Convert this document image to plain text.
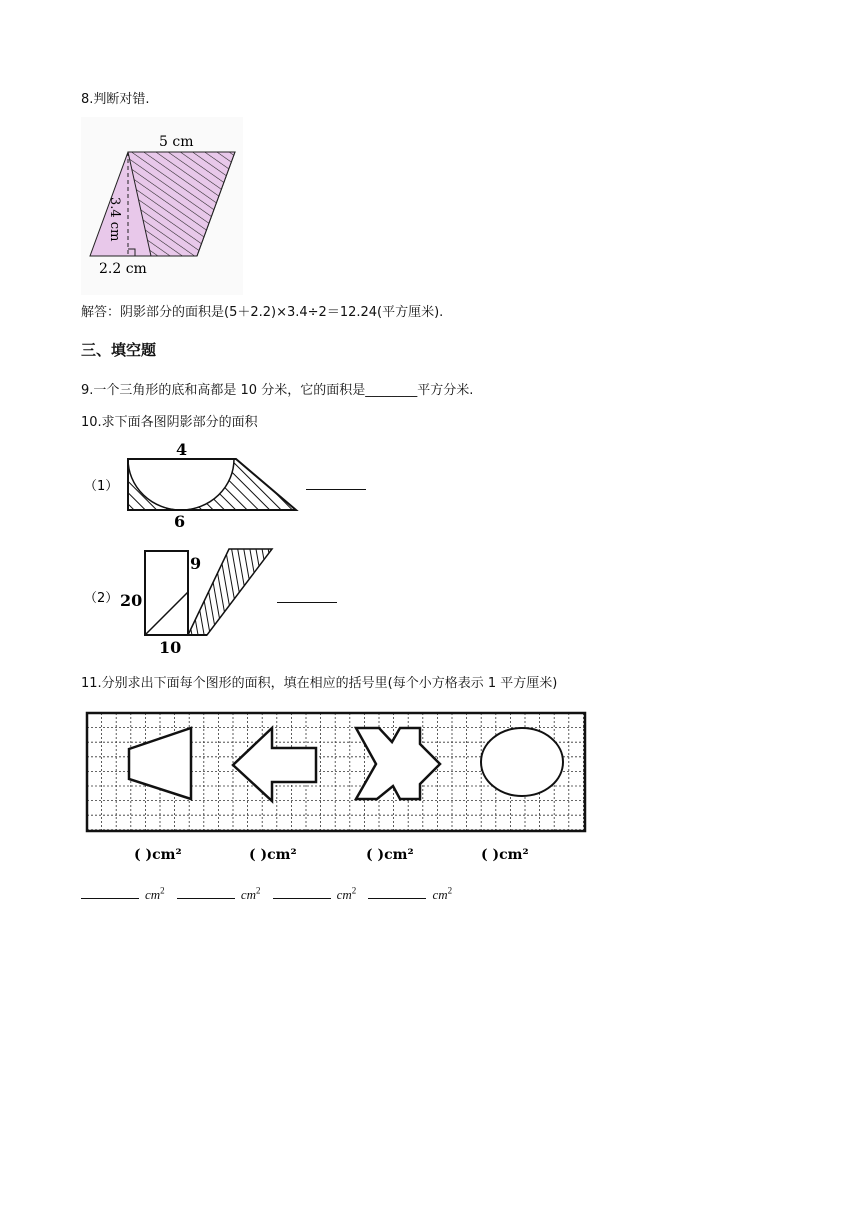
8.判断对错.
5 cm
3.4 cm
2.2 cm
解答：阴影部分的面积是(5＋2.2)×3.4÷2＝12.24(平方厘米).
三、填空题
9.一个三角形的底和高都是 10 分米，它的面积是________平方分米.
10.求下面各图阴影部分的面积
（1）
4
6
（2） 20
9
10
11.分别求出下面每个图形的面积，填在相应的括号里(每个小方格表示 1 平方厘米)
( )cm²	( )cm²	( )cm²	( )cm²
$cm^2$	$cm^2$	$cm^2$	$cm^2$
